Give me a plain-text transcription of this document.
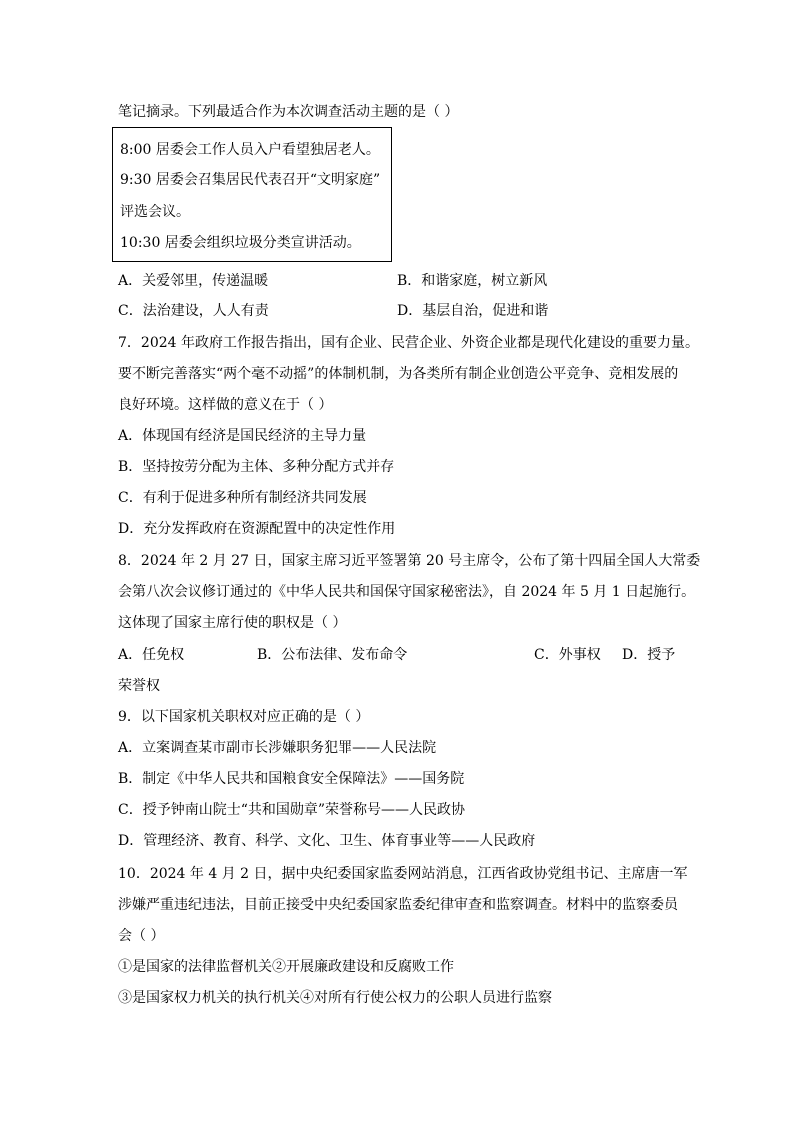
笔记摘录。下列最适合作为本次调查活动主题的是（ ）
8:00 居委会工作人员入户看望独居老人。
9:30 居委会召集居民代表召开“文明家庭”
评选会议。
10:30 居委会组织垃圾分类宣讲活动。
A．关爱邻里，传递温暖	B．和谐家庭，树立新风
C．法治建设，人人有责	D．基层自治，促进和谐
7．2024 年政府工作报告指出，国有企业、民营企业、外资企业都是现代化建设的重要力量。
要不断完善落实“两个毫不动摇”的体制机制，为各类所有制企业创造公平竞争、竞相发展的
良好环境。这样做的意义在于（ ）
A．体现国有经济是国民经济的主导力量
B．坚持按劳分配为主体、多种分配方式并存
C．有利于促进多种所有制经济共同发展
D．充分发挥政府在资源配置中的决定性作用
8．2024 年 2 月 27 日，国家主席习近平签署第 20 号主席令，公布了第十四届全国人大常委
会第八次会议修订通过的《中华人民共和国保守国家秘密法》，自 2024 年 5 月 1 日起施行。
这体现了国家主席行使的职权是（ ）
A．任免权	B．公布法律、发布命令	C．外事权 D．授予
荣誉权
9．以下国家机关职权对应正确的是（ ）
A．立案调查某市副市长涉嫌职务犯罪——人民法院
B．制定《中华人民共和国粮食安全保障法》——国务院
C．授予钟南山院士“共和国勋章”荣誉称号——人民政协
D．管理经济、教育、科学、文化、卫生、体育事业等——人民政府
10．2024 年 4 月 2 日，据中央纪委国家监委网站消息，江西省政协党组书记、主席唐一军
涉嫌严重违纪违法，目前正接受中央纪委国家监委纪律审查和监察调查。材料中的监察委员
会（ ）
①是国家的法律监督机关②开展廉政建设和反腐败工作
③是国家权力机关的执行机关④对所有行使公权力的公职人员进行监察
